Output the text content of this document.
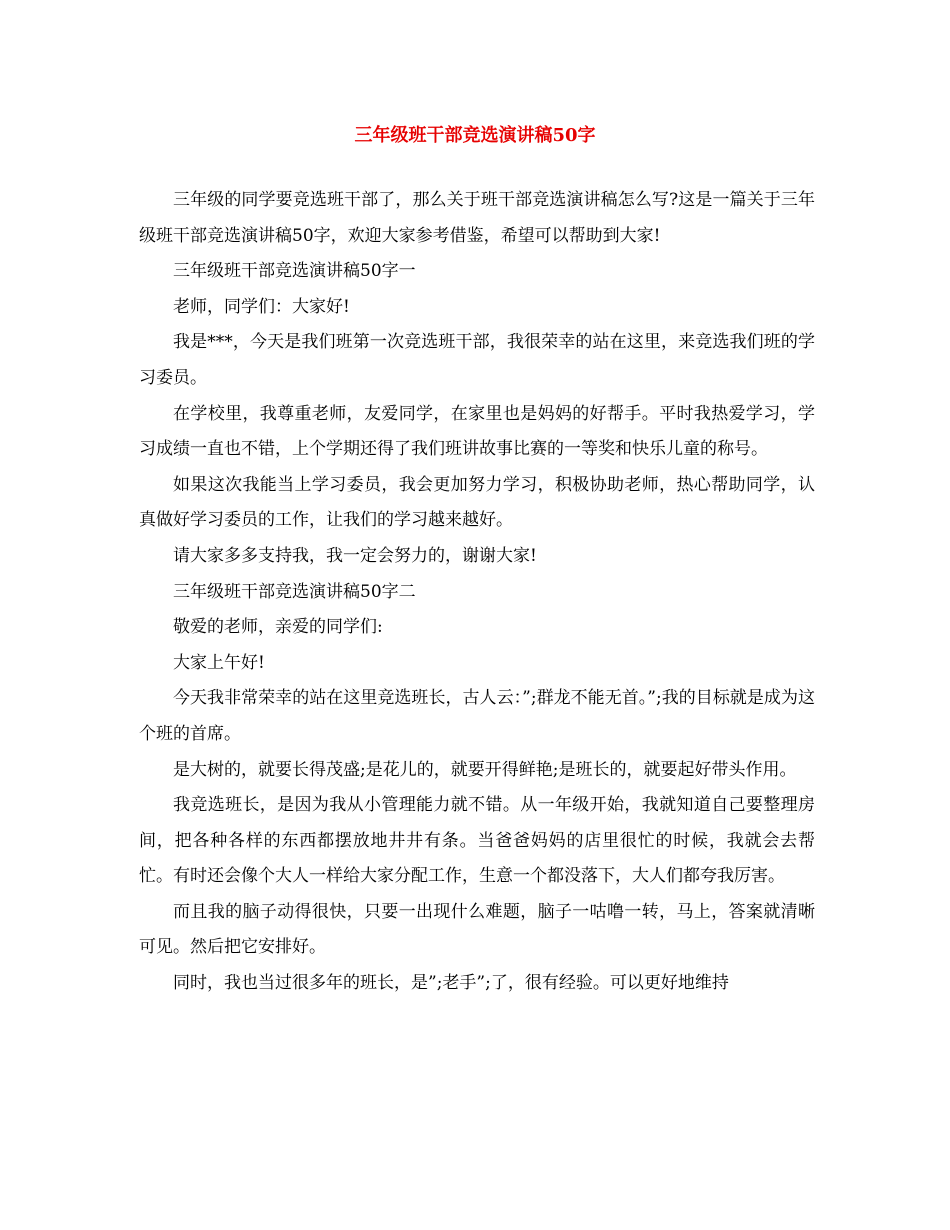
三年级班干部竞选演讲稿50字

三年级的同学要竞选班干部了，那么关于班干部竞选演讲稿怎么写?这是一篇关于三年级班干部竞选演讲稿50字，欢迎大家参考借鉴，希望可以帮助到大家!

三年级班干部竞选演讲稿50字一

老师，同学们：大家好!

我是***，今天是我们班第一次竞选班干部，我很荣幸的站在这里，来竞选我们班的学习委员。

在学校里，我尊重老师，友爱同学，在家里也是妈妈的好帮手。平时我热爱学习，学习成绩一直也不错，上个学期还得了我们班讲故事比赛的一等奖和快乐儿童的称号。

如果这次我能当上学习委员，我会更加努力学习，积极协助老师，热心帮助同学，认真做好学习委员的工作，让我们的学习越来越好。

请大家多多支持我，我一定会努力的，谢谢大家!

三年级班干部竞选演讲稿50字二

敬爱的老师，亲爱的同学们:

大家上午好!

今天我非常荣幸的站在这里竞选班长，古人云：”;群龙不能无首。”;我的目标就是成为这个班的首席。

是大树的，就要长得茂盛;是花儿的，就要开得鲜艳;是班长的，就要起好带头作用。

我竞选班长，是因为我从小管理能力就不错。从一年级开始，我就知道自己要整理房间，把各种各样的东西都摆放地井井有条。当爸爸妈妈的店里很忙的时候，我就会去帮忙。有时还会像个大人一样给大家分配工作，生意一个都没落下，大人们都夸我厉害。

而且我的脑子动得很快，只要一出现什么难题，脑子一咕噜一转，马上，答案就清晰可见。然后把它安排好。

同时，我也当过很多年的班长，是”;老手”;了，很有经验。可以更好地维持
